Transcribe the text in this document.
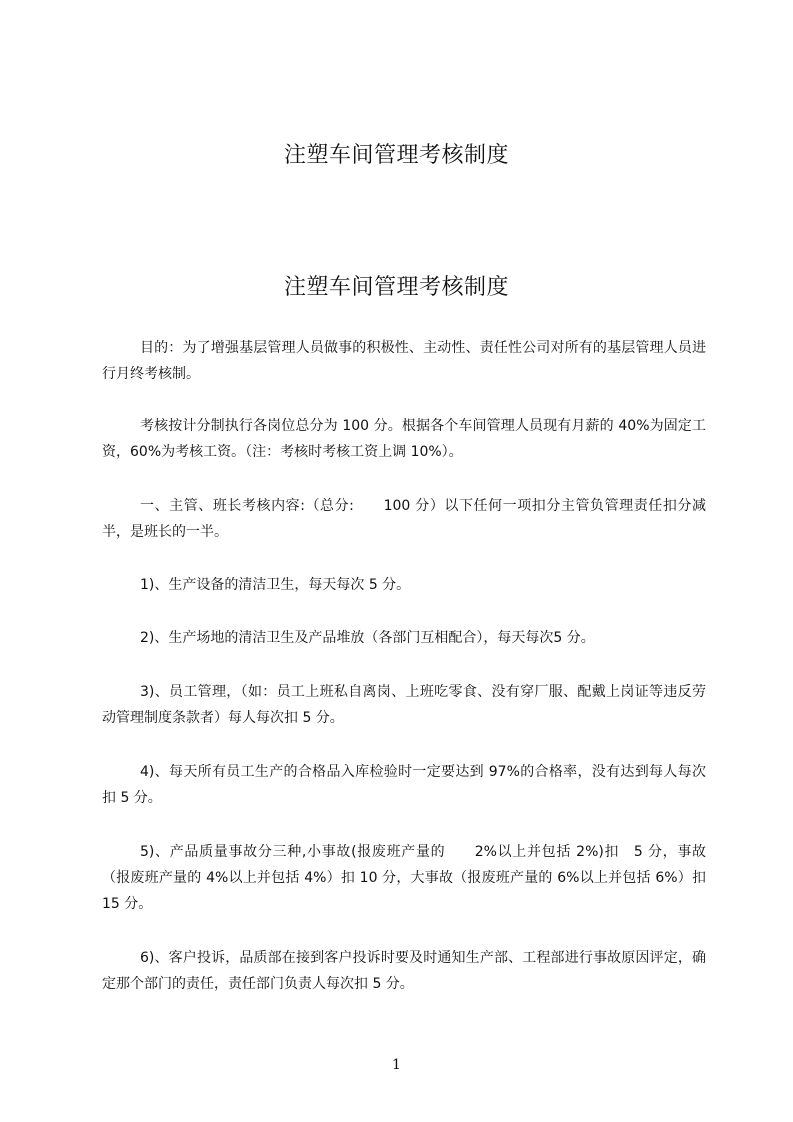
注塑车间管理考核制度
注塑车间管理考核制度

目的：为了增强基层管理人员做事的积极性、主动性、责任性公司对所有的基层管理人员进行月终考核制。

考核按计分制执行各岗位总分为 100 分。根据各个车间管理人员现有月薪的 40%为固定工资，60%为考核工资。（注：考核时考核工资上调 10%）。

一、主管、班长考核内容:（总分:　　100 分）以下任何一项扣分主管负管理责任扣分减半，是班长的一半。

1)、生产设备的清洁卫生，每天每次 5 分。

2)、生产场地的清洁卫生及产品堆放（各部门互相配合），每天每次5 分。

3)、员工管理，（如：员工上班私自离岗、上班吃零食、没有穿厂服、配戴上岗证等违反劳动管理制度条款者）每人每次扣 5 分。

4)、每天所有员工生产的合格品入库检验时一定要达到 97%的合格率，没有达到每人每次扣 5 分。

5)、产品质量事故分三种,小事故(报废班产量的　　2%以上并包括 2%)扣　5 分，事故（报废班产量的 4%以上并包括 4%）扣 10 分，大事故（报废班产量的 6%以上并包括 6%）扣 15 分。

6)、客户投诉，品质部在接到客户投诉时要及时通知生产部、工程部进行事故原因评定，确定那个部门的责任，责任部门负责人每次扣 5 分。

1
